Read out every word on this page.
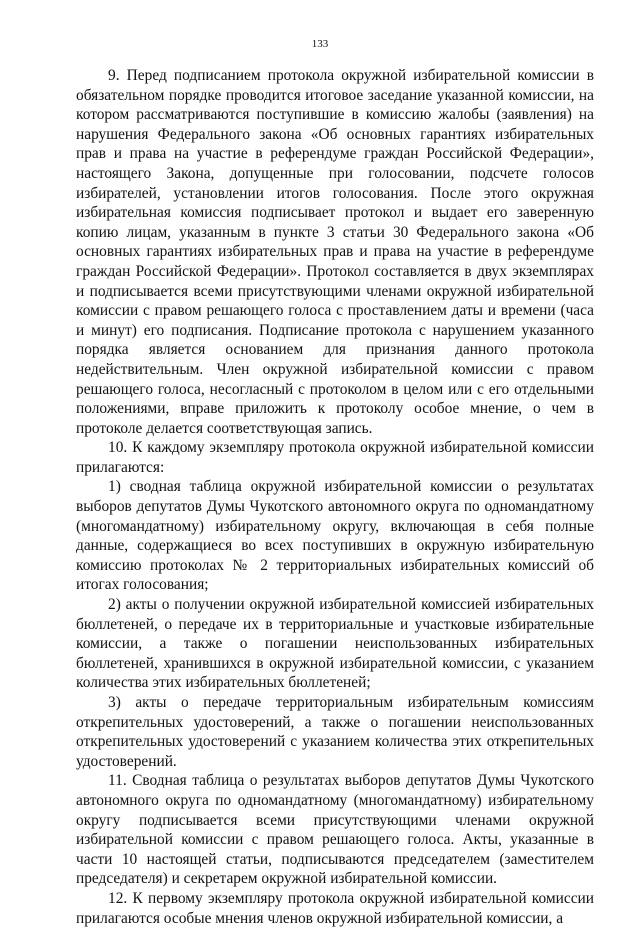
133

9. Перед подписанием протокола окружной избирательной комиссии в обязательном порядке проводится итоговое заседание указанной комиссии, на котором рассматриваются поступившие в комиссию жалобы (заявления) на нарушения Федерального закона «Об основных гарантиях избирательных прав и права на участие в референдуме граждан Российской Федерации», настоящего Закона, допущенные при голосовании, подсчете голосов избирателей, установлении итогов голосования. После этого окружная избирательная комиссия подписывает протокол и выдает его заверенную копию лицам, указанным в пункте 3 статьи 30 Федерального закона «Об основных гарантиях избирательных прав и права на участие в референдуме граждан Российской Федерации». Протокол составляется в двух экземплярах и подписывается всеми присутствующими членами окружной избирательной комиссии с правом решающего голоса с проставлением даты и времени (часа и минут) его подписания. Подписание протокола с нарушением указанного порядка является основанием для признания данного протокола недействительным. Член окружной избирательной комиссии с правом решающего голоса, несогласный с протоколом в целом или с его отдельными положениями, вправе приложить к протоколу особое мнение, о чем в протоколе делается соответствующая запись.

10. К каждому экземпляру протокола окружной избирательной комиссии прилагаются:

1) сводная таблица окружной избирательной комиссии о результатах выборов депутатов Думы Чукотского автономного округа по одномандатному (многомандатному) избирательному округу, включающая в себя полные данные, содержащиеся во всех поступивших в окружную избирательную комиссию протоколах № 2 территориальных избирательных комиссий об итогах голосования;

2) акты о получении окружной избирательной комиссией избирательных бюллетеней, о передаче их в территориальные и участковые избирательные комиссии, а также о погашении неиспользованных избирательных бюллетеней, хранившихся в окружной избирательной комиссии, с указанием количества этих избирательных бюллетеней;

3) акты о передаче территориальным избирательным комиссиям открепительных удостоверений, а также о погашении неиспользованных открепительных удостоверений с указанием количества этих открепительных удостоверений.

11. Сводная таблица о результатах выборов депутатов Думы Чукотского автономного округа по одномандатному (многомандатному) избирательному округу подписывается всеми присутствующими членами окружной избирательной комиссии с правом решающего голоса. Акты, указанные в части 10 настоящей статьи, подписываются председателем (заместителем председателя) и секретарем окружной избирательной комиссии.

12. К первому экземпляру протокола окружной избирательной комиссии прилагаются особые мнения членов окружной избирательной комиссии, а
